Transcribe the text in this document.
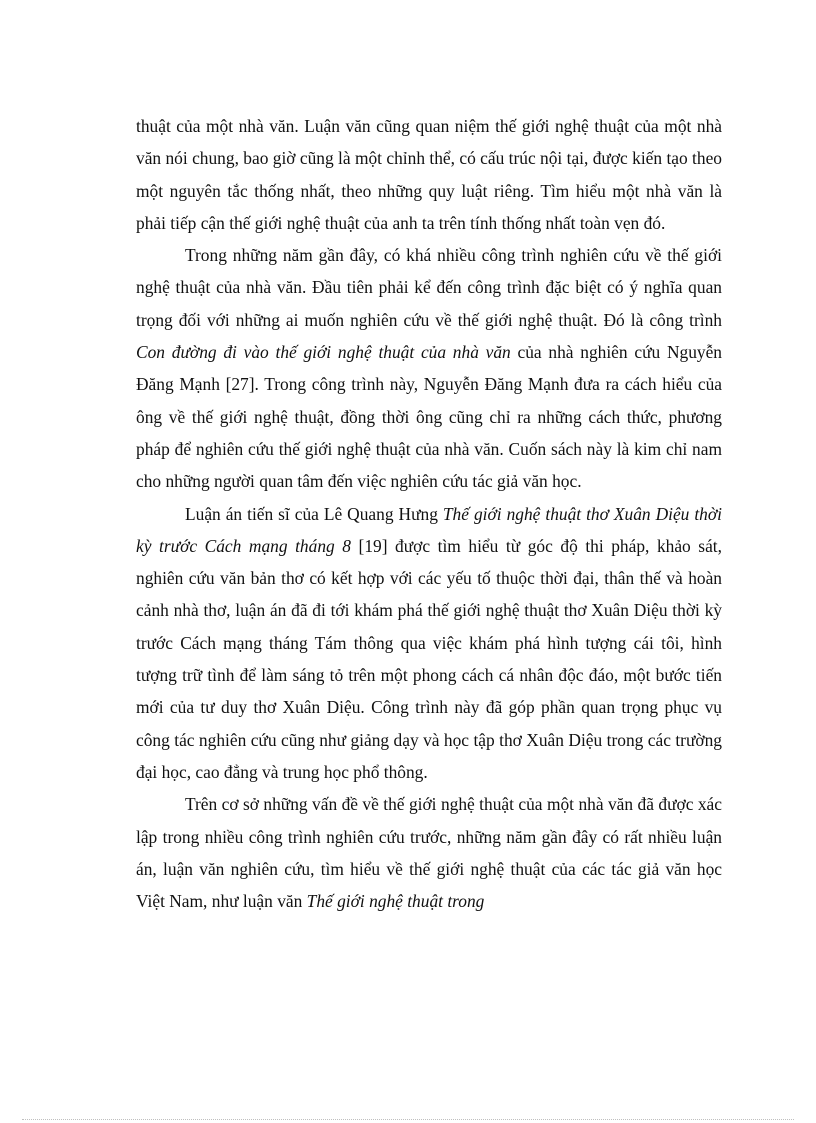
thuật của một nhà văn. Luận văn cũng quan niệm thế giới nghệ thuật của một nhà văn nói chung, bao giờ cũng là một chỉnh thể, có cấu trúc nội tại, được kiến tạo theo một nguyên tắc thống nhất, theo những quy luật riêng. Tìm hiểu một nhà văn là phải tiếp cận thế giới nghệ thuật của anh ta trên tính thống nhất toàn vẹn đó.

Trong những năm gần đây, có khá nhiều công trình nghiên cứu về thế giới nghệ thuật của nhà văn. Đầu tiên phải kể đến công trình đặc biệt có ý nghĩa quan trọng đối với những ai muốn nghiên cứu về thế giới nghệ thuật. Đó là công trình Con đường đi vào thế giới nghệ thuật của nhà văn của nhà nghiên cứu Nguyễn Đăng Mạnh [27]. Trong công trình này, Nguyễn Đăng Mạnh đưa ra cách hiểu của ông về thế giới nghệ thuật, đồng thời ông cũng chỉ ra những cách thức, phương pháp để nghiên cứu thế giới nghệ thuật của nhà văn. Cuốn sách này là kim chỉ nam cho những người quan tâm đến việc nghiên cứu tác giả văn học.

Luận án tiến sĩ của Lê Quang Hưng Thế giới nghệ thuật thơ Xuân Diệu thời kỳ trước Cách mạng tháng 8 [19] được tìm hiểu từ góc độ thi pháp, khảo sát, nghiên cứu văn bản thơ có kết hợp với các yếu tố thuộc thời đại, thân thế và hoàn cảnh nhà thơ, luận án đã đi tới khám phá thế giới nghệ thuật thơ Xuân Diệu thời kỳ trước Cách mạng tháng Tám thông qua việc khám phá hình tượng cái tôi, hình tượng trữ tình để làm sáng tỏ trên một phong cách cá nhân độc đáo, một bước tiến mới của tư duy thơ Xuân Diệu. Công trình này đã góp phần quan trọng phục vụ công tác nghiên cứu cũng như giảng dạy và học tập thơ Xuân Diệu trong các trường đại học, cao đẳng và trung học phổ thông.

Trên cơ sở những vấn đề về thế giới nghệ thuật của một nhà văn đã được xác lập trong nhiều công trình nghiên cứu trước, những năm gần đây có rất nhiều luận án, luận văn nghiên cứu, tìm hiểu về thế giới nghệ thuật của các tác giả văn học Việt Nam, như luận văn Thế giới nghệ thuật trong
